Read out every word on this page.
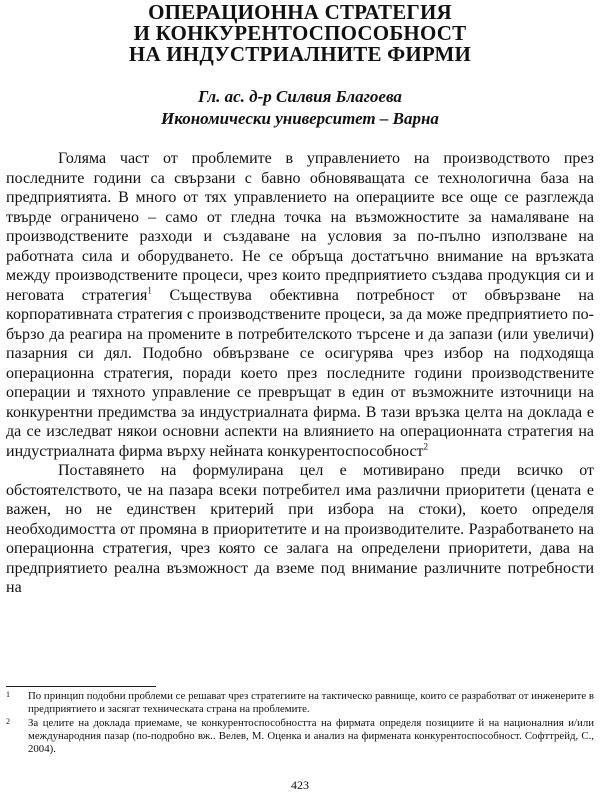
ОПЕРАЦИОННА СТРАТЕГИЯ
И КОНКУРЕНТОСПОСОБНОСТ
НА ИНДУСТРИАЛНИТЕ ФИРМИ
Гл. ас. д-р Силвия Благоева
Икономически университет – Варна

Голяма част от проблемите в управлението на производството през последните години са свързани с бавно обновяващата се технологична база на предприятията. В много от тях управлението на операциите все още се разглежда твърде ограничено – само от гледна точка на възможностите за намаляване на производствените разходи и създаване на условия за по-пълно използване на работната сила и оборудването. Не се обръща достатъчно внимание на връзката между производствените процеси, чрез които предприятието създава продукция си и неговата стратегия$^1$ Съществува обективна потребност от обвързване на корпоративната стратегия с производствените процеси, за да може предприятието по-бързо да реагира на промените в потребителското търсене и да запази (или увеличи) пазарния си дял. Подобно обвързване се осигурява чрез избор на подходяща операционна стратегия, поради което през последните години производствените операции и тяхното управление се превръщат в един от възможните източници на конкурентни предимства за индустриалната фирма. В тази връзка целта на доклада е да се изследват някои основни аспекти на влиянието на операционната стратегия на индустриалната фирма върху нейната конкурентоспособност$^2$

Поставянето на формулирана цел е мотивирано преди всичко от обстоятелството, че на пазара всеки потребител има различни приоритети (цената е важен, но не единствен критерий при избора на стоки), което определя необходимостта от промяна в приоритетите и на производителите. Разработването на операционна стратегия, чрез която се залага на определени приоритети, дава на предприятието реална възможност да вземе под внимание различните потребности на

1 По принцип подобни проблеми се решават чрез стратегиите на тактическо равнище, които се разработват от инженерите в предприятието и засягат техническата страна на проблемите.
2 За целите на доклада приемаме, че конкурентоспособността на фирмата определя позициите й на националния и/или международния пазар (по-подробно вж.. Велев, М. Оценка и анализ на фирмената конкурентоспособност. Софттрейд, С., 2004).
423
